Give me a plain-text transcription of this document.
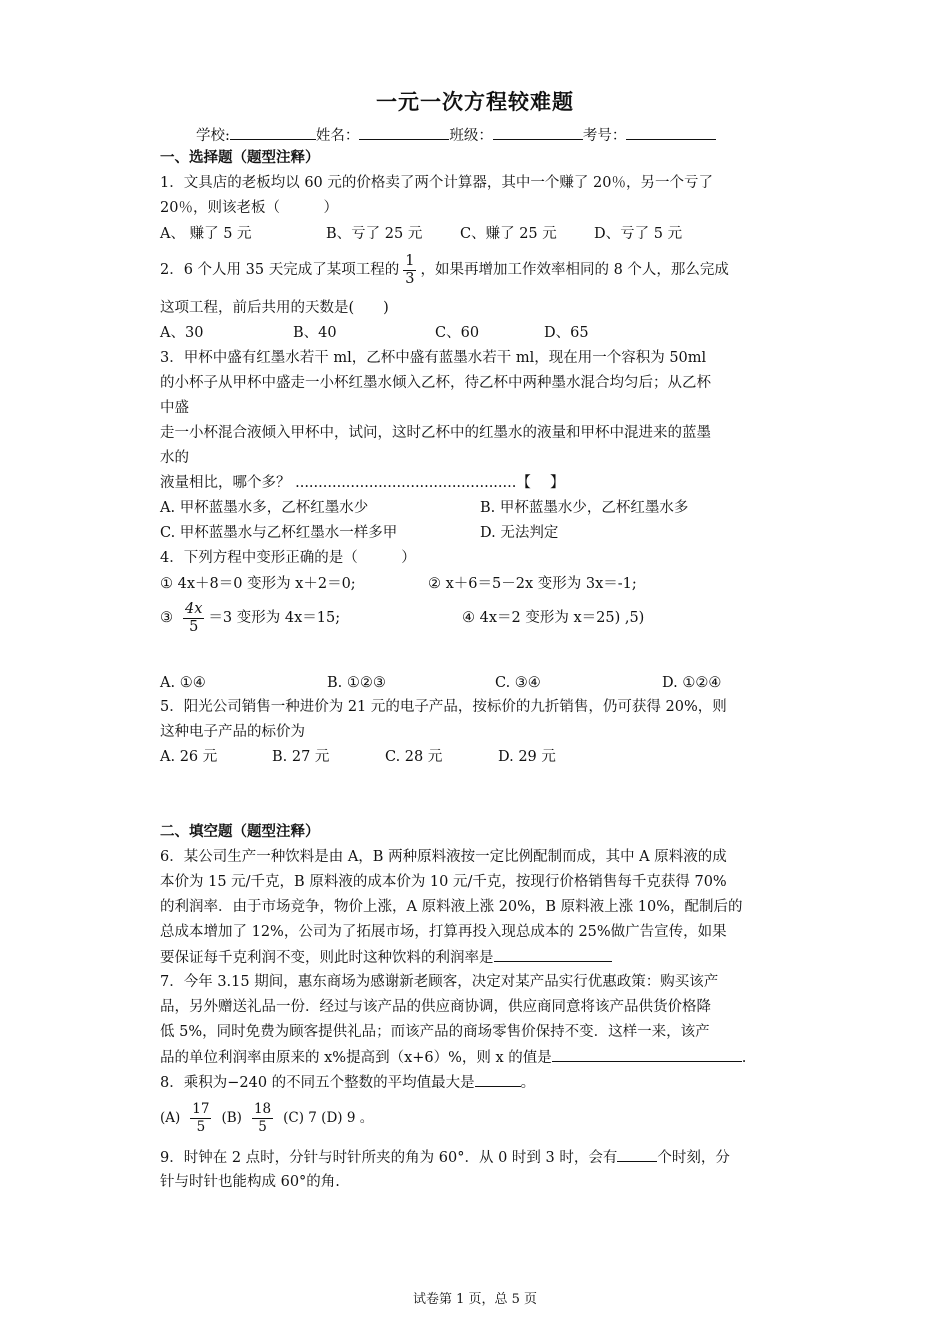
一元一次方程较难题
学校:	姓名：	班级：	考号：
一、选择题（题型注释）
1．文具店的老板均以 60 元的价格卖了两个计算器，其中一个赚了 20％，另一个亏了
20％，则该老板（　　　）
A、 赚了 5 元	B、亏了 25 元	C、赚了 25 元	D、亏了 5 元
2．6 个人用 35 天完成了某项工程的 $\frac{1}{3}$ ，如果再增加工作效率相同的 8 个人，那么完成
这项工程，前后共用的天数是(　　)
A、30	B、40	C、60	D、65
3．甲杯中盛有红墨水若干 ml，乙杯中盛有蓝墨水若干 ml，现在用一个容积为 50ml
的小杯子从甲杯中盛走一小杯红墨水倾入乙杯，待乙杯中两种墨水混合均匀后；从乙杯
中盛
走一小杯混合液倾入甲杯中，试问，这时乙杯中的红墨水的液量和甲杯中混进来的蓝墨
水的
液量相比，哪个多？ ................................................【　 】
A. 甲杯蓝墨水多，乙杯红墨水少	B. 甲杯蓝墨水少，乙杯红墨水多
C. 甲杯蓝墨水与乙杯红墨水一样多甲	D. 无法判定
4．下列方程中变形正确的是（　　　）
① 4x＋8＝0 变形为 x＋2＝0;	② x＋6＝5－2x 变形为 3x＝-1;
③ $\frac{4x}{5} =3$ 变形为 4x＝15;	④ 4x＝2 变形为 x＝25) ,5)
A. ①④	B. ①②③	C. ③④	D. ①②④
5．阳光公司销售一种进价为 21 元的电子产品，按标价的九折销售，仍可获得 20%，则
这种电子产品的标价为
A. 26 元	B. 27 元	C. 28 元	D. 29 元
二、填空题（题型注释）
6．某公司生产一种饮料是由 A，B 两种原料液按一定比例配制而成，其中 A 原料液的成
本价为 15 元/千克，B 原料液的成本价为 10 元/千克，按现行价格销售每千克获得 70%
的利润率．由于市场竞争，物价上涨，A 原料液上涨 20%，B 原料液上涨 10%，配制后的
总成本增加了 12%，公司为了拓展市场，打算再投入现总成本的 25%做广告宣传，如果
要保证每千克利润不变，则此时这种饮料的利润率是
7．今年 3.15 期间，惠东商场为感谢新老顾客，决定对某产品实行优惠政策：购买该产
品，另外赠送礼品一份．经过与该产品的供应商协调，供应商同意将该产品供货价格降
低 5%，同时免费为顾客提供礼品；而该产品的商场零售价保持不变．这样一来，该产
品的单位利润率由原来的 x%提高到（x+6）%，则 x 的值是	.
8．乘积为−240 的不同五个整数的平均值最大是	。
$(A) \frac{17}{5} (B) \frac{18}{5} (C)$ 7 (D) 9 。
9．时钟在 2 点时，分针与时针所夹的角为 60°．从 0 时到 3 时，会有	个时刻，分
针与时针也能构成 60°的角.
试卷第 1 页，总 5 页
